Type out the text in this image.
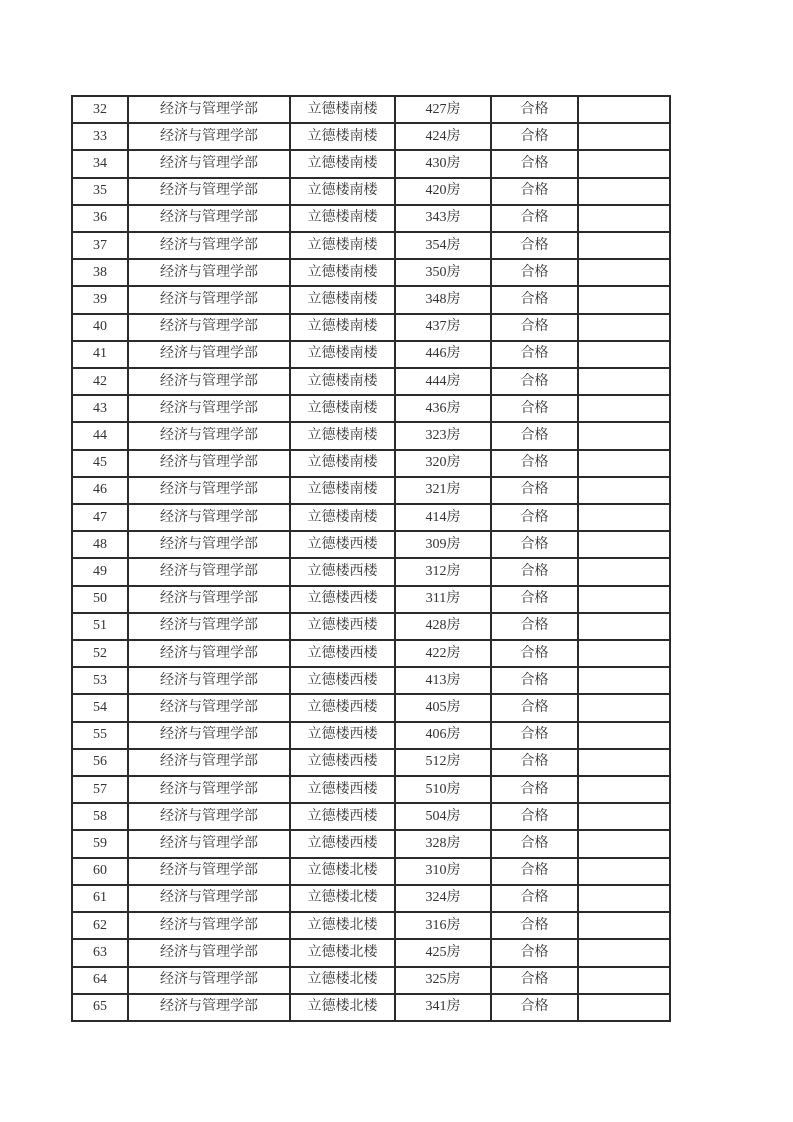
32	经济与管理学部	立德楼南楼	427房	合格	
33	经济与管理学部	立德楼南楼	424房	合格	
34	经济与管理学部	立德楼南楼	430房	合格	
35	经济与管理学部	立德楼南楼	420房	合格	
36	经济与管理学部	立德楼南楼	343房	合格	
37	经济与管理学部	立德楼南楼	354房	合格	
38	经济与管理学部	立德楼南楼	350房	合格	
39	经济与管理学部	立德楼南楼	348房	合格	
40	经济与管理学部	立德楼南楼	437房	合格	
41	经济与管理学部	立德楼南楼	446房	合格	
42	经济与管理学部	立德楼南楼	444房	合格	
43	经济与管理学部	立德楼南楼	436房	合格	
44	经济与管理学部	立德楼南楼	323房	合格	
45	经济与管理学部	立德楼南楼	320房	合格	
46	经济与管理学部	立德楼南楼	321房	合格	
47	经济与管理学部	立德楼南楼	414房	合格	
48	经济与管理学部	立德楼西楼	309房	合格	
49	经济与管理学部	立德楼西楼	312房	合格	
50	经济与管理学部	立德楼西楼	311房	合格	
51	经济与管理学部	立德楼西楼	428房	合格	
52	经济与管理学部	立德楼西楼	422房	合格	
53	经济与管理学部	立德楼西楼	413房	合格	
54	经济与管理学部	立德楼西楼	405房	合格	
55	经济与管理学部	立德楼西楼	406房	合格	
56	经济与管理学部	立德楼西楼	512房	合格	
57	经济与管理学部	立德楼西楼	510房	合格	
58	经济与管理学部	立德楼西楼	504房	合格	
59	经济与管理学部	立德楼西楼	328房	合格	
60	经济与管理学部	立德楼北楼	310房	合格	
61	经济与管理学部	立德楼北楼	324房	合格	
62	经济与管理学部	立德楼北楼	316房	合格	
63	经济与管理学部	立德楼北楼	425房	合格	
64	经济与管理学部	立德楼北楼	325房	合格	
65	经济与管理学部	立德楼北楼	341房	合格	
